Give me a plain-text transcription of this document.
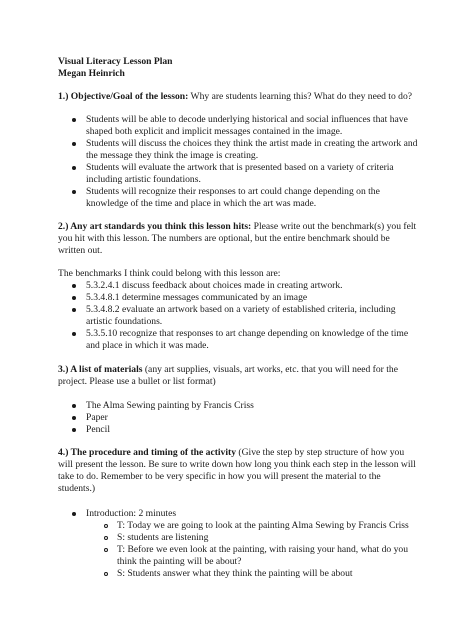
Visual Literacy Lesson Plan
Megan Heinrich
1.) Objective/Goal of the lesson: Why are students learning this? What do they need to do?
Students will be able to decode underlying historical and social influences that have
shaped both explicit and implicit messages contained in the image.
Students will discuss the choices they think the artist made in creating the artwork and
the message they think the image is creating.
Students will evaluate the artwork that is presented based on a variety of criteria
including artistic foundations.
Students will recognize their responses to art could change depending on the
knowledge of the time and place in which the art was made.
2.) Any art standards you think this lesson hits: Please write out the benchmark(s) you felt
you hit with this lesson. The numbers are optional, but the entire benchmark should be
written out.
The benchmarks I think could belong with this lesson are:
5.3.2.4.1 discuss feedback about choices made in creating artwork.
5.3.4.8.1 determine messages communicated by an image
5.3.4.8.2 evaluate an artwork based on a variety of established criteria, including
artistic foundations.
5.3.5.10 recognize that responses to art change depending on knowledge of the time
and place in which it was made.
3.) A list of materials (any art supplies, visuals, art works, etc. that you will need for the
project. Please use a bullet or list format)
The Alma Sewing painting by Francis Criss
Paper
Pencil
4.) The procedure and timing of the activity (Give the step by step structure of how you
will present the lesson. Be sure to write down how long you think each step in the lesson will
take to do. Remember to be very specific in how you will present the material to the
students.)
Introduction: 2 minutes
T: Today we are going to look at the painting Alma Sewing by Francis Criss
S: students are listening
T: Before we even look at the painting, with raising your hand, what do you
think the painting will be about?
S: Students answer what they think the painting will be about
